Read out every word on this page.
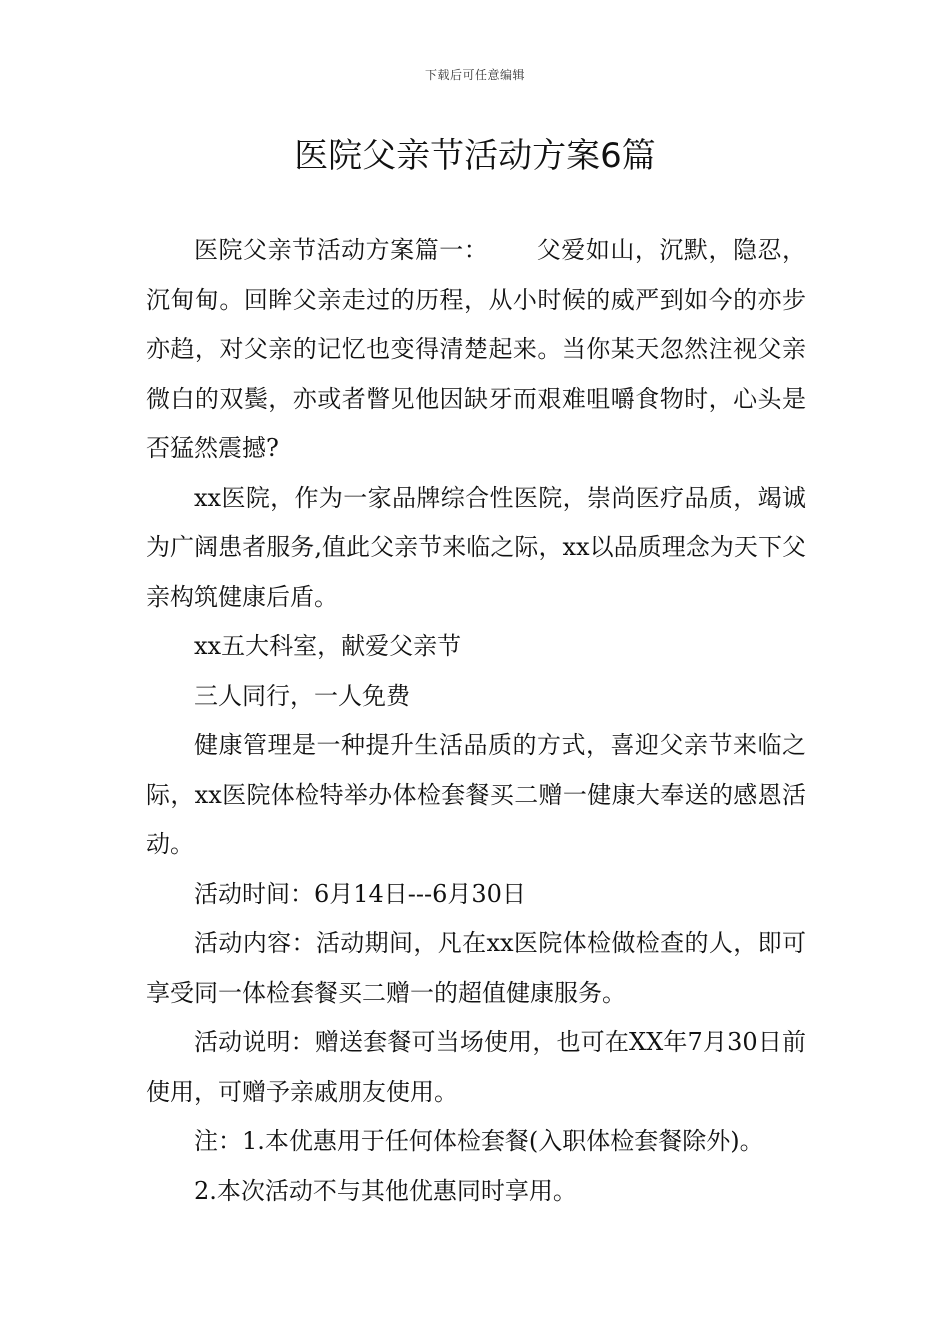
下载后可任意编辑
医院父亲节活动方案6篇

医院父亲节活动方案篇一： 父爱如山，沉默，隐忍，沉甸甸。回眸父亲走过的历程，从小时候的威严到如今的亦步亦趋，对父亲的记忆也变得清楚起来。当你某天忽然注视父亲微白的双鬓，亦或者瞥见他因缺牙而艰难咀嚼食物时，心头是否猛然震撼?

xx医院，作为一家品牌综合性医院，崇尚医疗品质，竭诚为广阔患者服务,值此父亲节来临之际，xx以品质理念为天下父亲构筑健康后盾。

xx五大科室，献爱父亲节

三人同行，一人免费

健康管理是一种提升生活品质的方式，喜迎父亲节来临之际，xx医院体检特举办体检套餐买二赠一健康大奉送的感恩活动。

活动时间：6月14日---6月30日

活动内容：活动期间，凡在xx医院体检做检查的人，即可享受同一体检套餐买二赠一的超值健康服务。

活动说明：赠送套餐可当场使用，也可在XX年7月30日前使用，可赠予亲戚朋友使用。

注：1.本优惠用于任何体检套餐(入职体检套餐除外)。

2.本次活动不与其他优惠同时享用。
